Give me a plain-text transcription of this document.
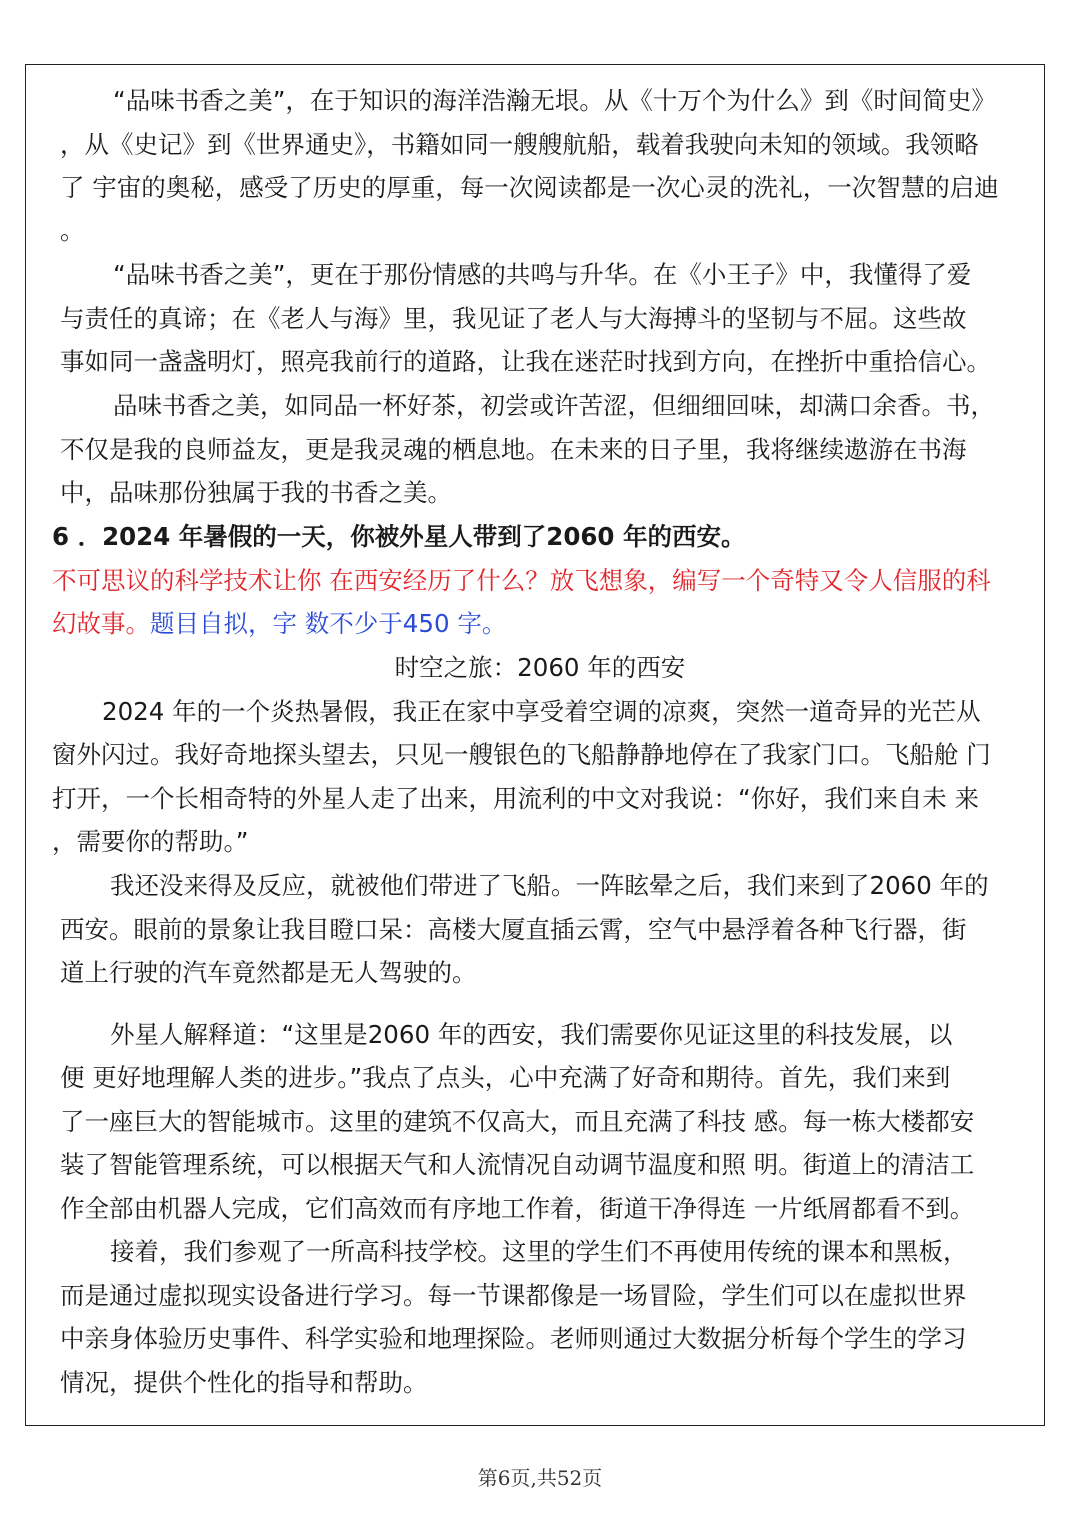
“品味书香之美”，在于知识的海洋浩瀚无垠。从《十万个为什么》到《时间简史》
，从《史记》到《世界通史》，书籍如同一艘艘航船，载着我驶向未知的领域。我领略
了 宇宙的奥秘，感受了历史的厚重，每一次阅读都是一次心灵的洗礼，一次智慧的启迪
。
“品味书香之美”，更在于那份情感的共鸣与升华。在《小王子》中，我懂得了爱
与责任的真谛；在《老人与海》里，我见证了老人与大海搏斗的坚韧与不屈。这些故
事如同一盏盏明灯，照亮我前行的道路，让我在迷茫时找到方向，在挫折中重拾信心。
品味书香之美，如同品一杯好茶，初尝或许苦涩，但细细回味，却满口余香。书，
不仅是我的良师益友，更是我灵魂的栖息地。在未来的日子里，我将继续遨游在书海
中，品味那份独属于我的书香之美。
6 ．2024 年暑假的一天，你被外星人带到了2060 年的西安。
不可思议的科学技术让你 在西安经历了什么？放飞想象，编写一个奇特又令人信服的科
幻故事。题目自拟，字 数不少于450 字。
时空之旅：2060 年的西安
2024 年的一个炎热暑假，我正在家中享受着空调的凉爽，突然一道奇异的光芒从
窗外闪过。我好奇地探头望去，只见一艘银色的飞船静静地停在了我家门口。飞船舱 门
打开，一个长相奇特的外星人走了出来，用流利的中文对我说：“你好，我们来自未 来
，需要你的帮助。”
我还没来得及反应，就被他们带进了飞船。一阵眩晕之后，我们来到了2060 年的
西安。眼前的景象让我目瞪口呆：高楼大厦直插云霄，空气中悬浮着各种飞行器，街
道上行驶的汽车竟然都是无人驾驶的。
外星人解释道：“这里是2060 年的西安，我们需要你见证这里的科技发展，以
便 更好地理解人类的进步。”我点了点头，心中充满了好奇和期待。首先，我们来到
了一座巨大的智能城市。这里的建筑不仅高大，而且充满了科技 感。每一栋大楼都安
装了智能管理系统，可以根据天气和人流情况自动调节温度和照 明。街道上的清洁工
作全部由机器人完成，它们高效而有序地工作着，街道干净得连 一片纸屑都看不到。
接着，我们参观了一所高科技学校。这里的学生们不再使用传统的课本和黑板，
而是通过虚拟现实设备进行学习。每一节课都像是一场冒险，学生们可以在虚拟世界
中亲身体验历史事件、科学实验和地理探险。老师则通过大数据分析每个学生的学习
情况，提供个性化的指导和帮助。
第6页,共52页
